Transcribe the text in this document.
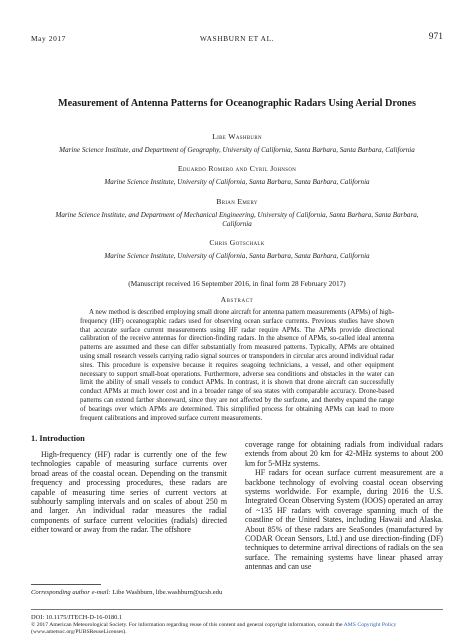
May 2017	WASHBURN ET AL.	971
Measurement of Antenna Patterns for Oceanographic Radars Using Aerial Drones
Libe Washburn
Marine Science Institute, and Department of Geography, University of California, Santa Barbara, Santa Barbara, California
Eduardo Romero and Cyril Johnson
Marine Science Institute, University of California, Santa Barbara, Santa Barbara, California
Brian Emery
Marine Science Institute, and Department of Mechanical Engineering, University of California, Santa Barbara, Santa Barbara, California
Chris Gotschalk
Marine Science Institute, University of California, Santa Barbara, Santa Barbara, California
(Manuscript received 16 September 2016, in final form 28 February 2017)
Abstract

A new method is described employing small drone aircraft for antenna pattern measurements (APMs) of high-frequency (HF) oceanographic radars used for observing ocean surface currents. Previous studies have shown that accurate surface current measurements using HF radar require APMs. The APMs provide directional calibration of the receive antennas for direction-finding radars. In the absence of APMs, so-called ideal antenna patterns are assumed and these can differ substantially from measured patterns. Typically, APMs are obtained using small research vessels carrying radio signal sources or transponders in circular arcs around individual radar sites. This procedure is expensive because it requires seagoing technicians, a vessel, and other equipment necessary to support small-boat operations. Furthermore, adverse sea conditions and obstacles in the water can limit the ability of small vessels to conduct APMs. In contrast, it is shown that drone aircraft can successfully conduct APMs at much lower cost and in a broader range of sea states with comparable accuracy. Drone-based patterns can extend farther shoreward, since they are not affected by the surfzone, and thereby expand the range of bearings over which APMs are determined. This simplified process for obtaining APMs can lead to more frequent calibrations and improved surface current measurements.

1. Introduction

High-frequency (HF) radar is currently one of the few technologies capable of measuring surface currents over broad areas of the coastal ocean. Depending on the transmit frequency and processing procedures, these radars are capable of measuring time series of current vectors at subhourly sampling intervals and on scales of about 250 m and larger. An individual radar measures the radial components of surface current velocities (radials) directed either toward or away from the radar. The offshore

coverage range for obtaining radials from individual radars extends from about 20 km for 42-MHz systems to about 200 km for 5-MHz systems.

HF radars for ocean surface current measurement are a backbone technology of evolving coastal ocean observing systems worldwide. For example, during 2016 the U.S. Integrated Ocean Observing System (IOOS) operated an array of ~135 HF radars with coverage spanning much of the coastline of the United States, including Hawaii and Alaska. About 85% of these radars are SeaSondes (manufactured by CODAR Ocean Sensors, Ltd.) and use direction-finding (DF) techniques to determine arrival directions of radials on the sea surface. The remaining systems have linear phased array antennas and can use

Corresponding author e-mail: Libe Washburn, libe.washburn@ucsb.edu
DOI: 10.1175/JTECH-D-16-0180.1
© 2017 American Meteorological Society. For information regarding reuse of this content and general copyright information, consult the AMS Copyright Policy (www.ametsoc.org/PUBSReuseLicenses).
